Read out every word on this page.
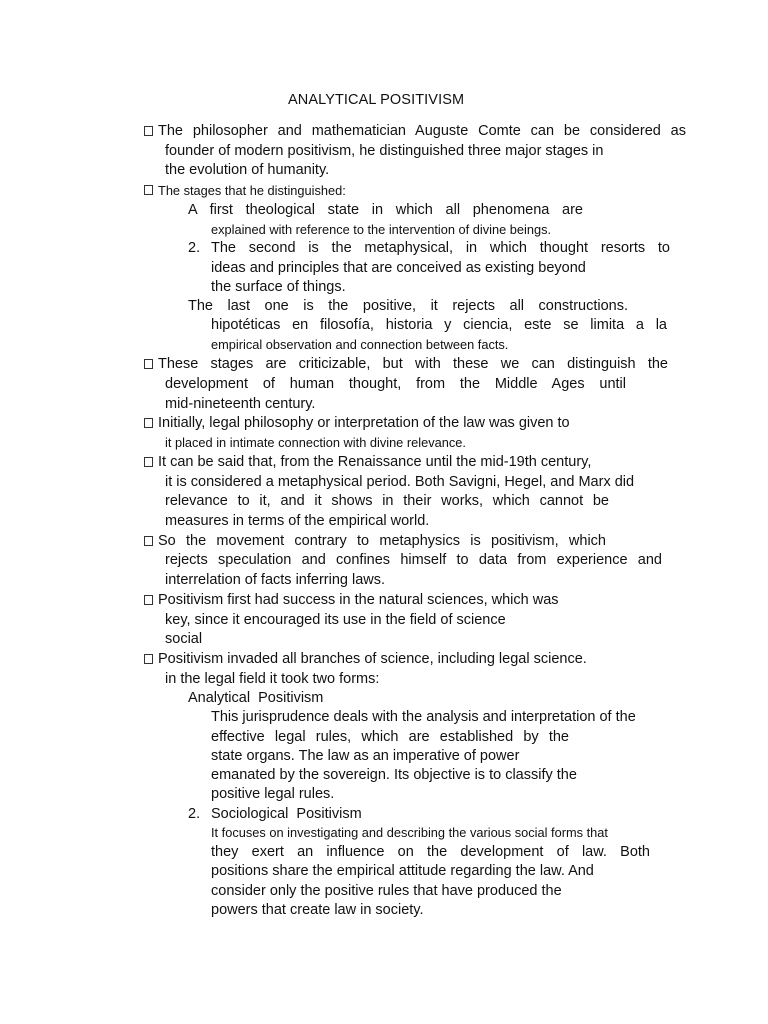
ANALYTICAL POSITIVISM
The philosopher and mathematician Auguste Comte can be considered as
founder of modern positivism, he distinguished three major stages in
the evolution of humanity.
The stages that he distinguished:
A first theological state in which all phenomena are
explained with reference to the intervention of divine beings.
2. The second is the metaphysical, in which thought resorts to
ideas and principles that are conceived as existing beyond
the surface of things.
The last one is the positive, it rejects all constructions.
hipotéticas en filosofía, historia y ciencia, este se limita a la
empirical observation and connection between facts.
These stages are criticizable, but with these we can distinguish the
development of human thought, from the Middle Ages until
mid-nineteenth century.
Initially, legal philosophy or interpretation of the law was given to
it placed in intimate connection with divine relevance.
It can be said that, from the Renaissance until the mid-19th century,
it is considered a metaphysical period. Both Savigni, Hegel, and Marx did
relevance to it, and it shows in their works, which cannot be
measures in terms of the empirical world.
So the movement contrary to metaphysics is positivism, which
rejects speculation and confines himself to data from experience and
interrelation of facts inferring laws.
Positivism first had success in the natural sciences, which was
key, since it encouraged its use in the field of science
social
Positivism invaded all branches of science, including legal science.
in the legal field it took two forms:
Analytical  Positivism
This jurisprudence deals with the analysis and interpretation of the
effective legal rules, which are established by the
state organs. The law as an imperative of power
emanated by the sovereign. Its objective is to classify the
positive legal rules.
2. Sociological  Positivism
It focuses on investigating and describing the various social forms that
they exert an influence on the development of law. Both
positions share the empirical attitude regarding the law. And
consider only the positive rules that have produced the
powers that create law in society.
